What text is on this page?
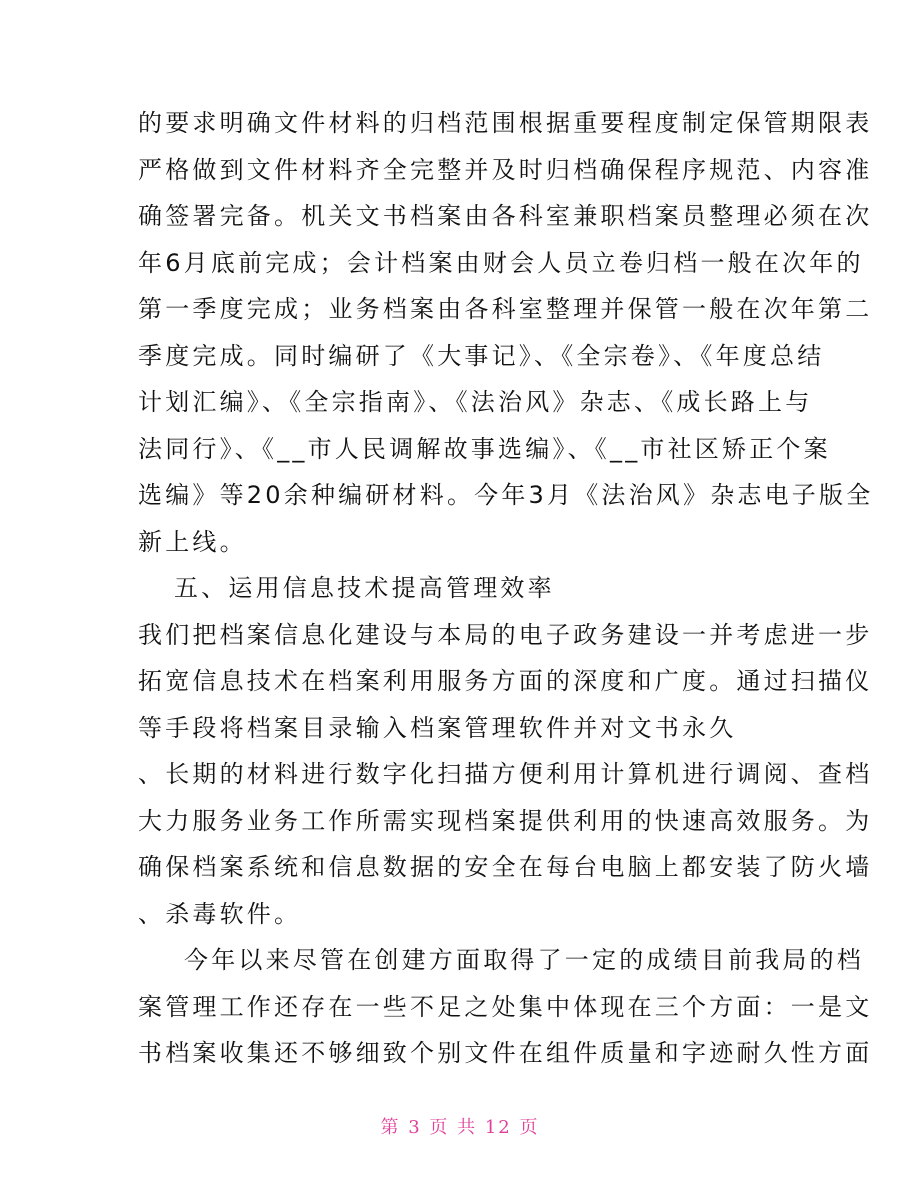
的要求明确文件材料的归档范围根据重要程度制定保管期限表
严格做到文件材料齐全完整并及时归档确保程序规范、内容准
确签署完备。机关文书档案由各科室兼职档案员整理必须在次
年6月底前完成；会计档案由财会人员立卷归档一般在次年的
第一季度完成；业务档案由各科室整理并保管一般在次年第二
季度完成。同时编研了《大事记》、《全宗卷》、《年度总结
计划汇编》、《全宗指南》、《法治风》杂志、《成长路上与
法同行》、《__市人民调解故事选编》、《__市社区矫正个案
选编》等20余种编研材料。今年3月《法治风》杂志电子版全
新上线。
五、运用信息技术提高管理效率
我们把档案信息化建设与本局的电子政务建设一并考虑进一步
拓宽信息技术在档案利用服务方面的深度和广度。通过扫描仪
等手段将档案目录输入档案管理软件并对文书永久
、长期的材料进行数字化扫描方便利用计算机进行调阅、查档
大力服务业务工作所需实现档案提供利用的快速高效服务。为
确保档案系统和信息数据的安全在每台电脑上都安装了防火墙
、杀毒软件。
今年以来尽管在创建方面取得了一定的成绩目前我局的档
案管理工作还存在一些不足之处集中体现在三个方面：一是文
书档案收集还不够细致个别文件在组件质量和字迹耐久性方面
第 3 页 共 12 页
